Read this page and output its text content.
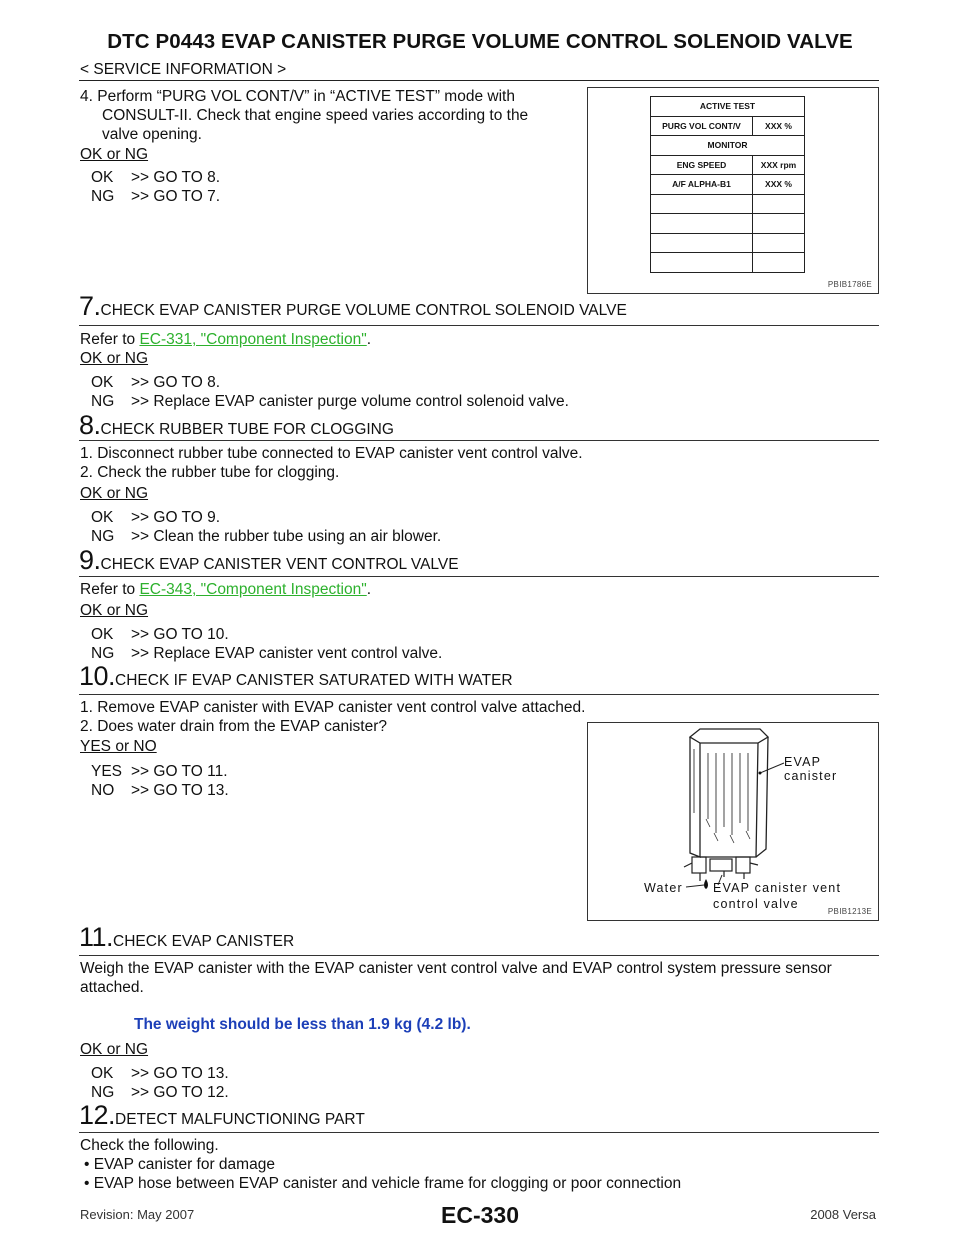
DTC P0443 EVAP CANISTER PURGE VOLUME CONTROL SOLENOID VALVE
< SERVICE INFORMATION >
4. Perform “PURG VOL CONT/V” in “ACTIVE TEST” mode with
CONSULT-II. Check that engine speed varies according to the
valve opening.
OK or NG
OK >> GO TO 8.
NG >> GO TO 7.
ACTIVE TEST	
PURG VOL CONT/V	XXX %
MONITOR	
ENG SPEED	XXX rpm
A/F ALPHA-B1	XXX %

PBIB1786E
7.CHECK EVAP CANISTER PURGE VOLUME CONTROL SOLENOID VALVE
Refer to EC-331, "Component Inspection".
OK or NG
OK >> GO TO 8.
NG >> Replace EVAP canister purge volume control solenoid valve.
8.CHECK RUBBER TUBE FOR CLOGGING
1. Disconnect rubber tube connected to EVAP canister vent control valve.
2. Check the rubber tube for clogging.
OK or NG
OK >> GO TO 9.
NG >> Clean the rubber tube using an air blower.
9.CHECK EVAP CANISTER VENT CONTROL VALVE
Refer to EC-343, "Component Inspection".
OK or NG
OK >> GO TO 10.
NG >> Replace EVAP canister vent control valve.
10.CHECK IF EVAP CANISTER SATURATED WITH WATER
1. Remove EVAP canister with EVAP canister vent control valve attached.
2. Does water drain from the EVAP canister?
YES or NO
YES >> GO TO 11.
NO >> GO TO 13.
EVAP canister
Water EVAP canister vent
control valve
PBIB1213E
11.CHECK EVAP CANISTER
Weigh the EVAP canister with the EVAP canister vent control valve and EVAP control system pressure sensor
attached.
The weight should be less than 1.9 kg (4.2 lb).
OK or NG
OK >> GO TO 13.
NG >> GO TO 12.
12.DETECT MALFUNCTIONING PART
Check the following.
• EVAP canister for damage
• EVAP hose between EVAP canister and vehicle frame for clogging or poor connection
Revision: May 2007	EC-330	2008 Versa
